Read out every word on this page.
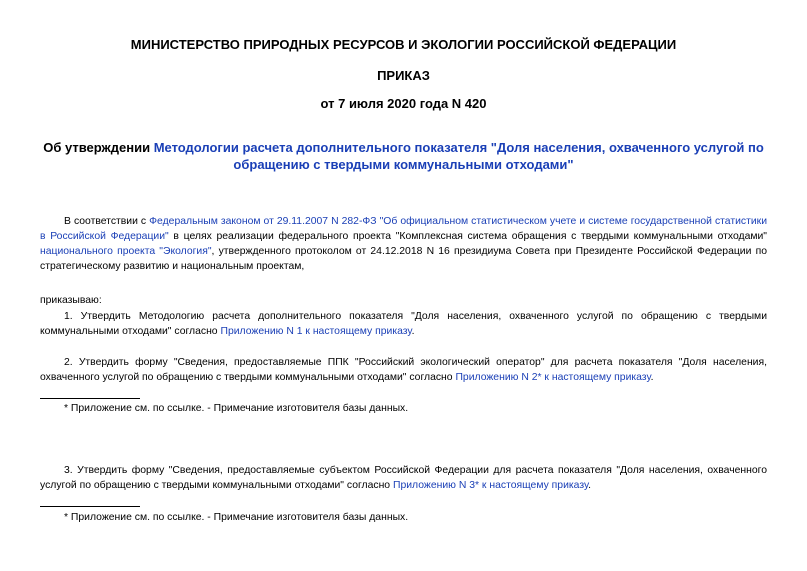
МИНИСТЕРСТВО ПРИРОДНЫХ РЕСУРСОВ И ЭКОЛОГИИ РОССИЙСКОЙ ФЕДЕРАЦИИ

ПРИКАЗ

от 7 июля 2020 года N 420

Об утверждении Методологии расчета дополнительного показателя "Доля населения, охваченного услугой по обращению с твердыми коммунальными отходами"

В соответствии с Федеральным законом от 29.11.2007 N 282-ФЗ "Об официальном статистическом учете и системе государственной статистики в Российской Федерации" в целях реализации федерального проекта "Комплексная система обращения с твердыми коммунальными отходами" национального проекта "Экология", утвержденного протоколом от 24.12.2018 N 16 президиума Совета при Президенте Российской Федерации по стратегическому развитию и национальным проектам,

приказываю:

1. Утвердить Методологию расчета дополнительного показателя "Доля населения, охваченного услугой по обращению с твердыми коммунальными отходами" согласно Приложению N 1 к настоящему приказу.

2. Утвердить форму "Сведения, предоставляемые ППК "Российский экологический оператор" для расчета показателя "Доля населения, охваченного услугой по обращению с твердыми коммунальными отходами" согласно Приложению N 2* к настоящему приказу.

* Приложение см. по ссылке. - Примечание изготовителя базы данных.

3. Утвердить форму "Сведения, предоставляемые субъектом Российской Федерации для расчета показателя "Доля населения, охваченного услугой по обращению с твердыми коммунальными отходами" согласно Приложению N 3* к настоящему приказу.

* Приложение см. по ссылке. - Примечание изготовителя базы данных.
